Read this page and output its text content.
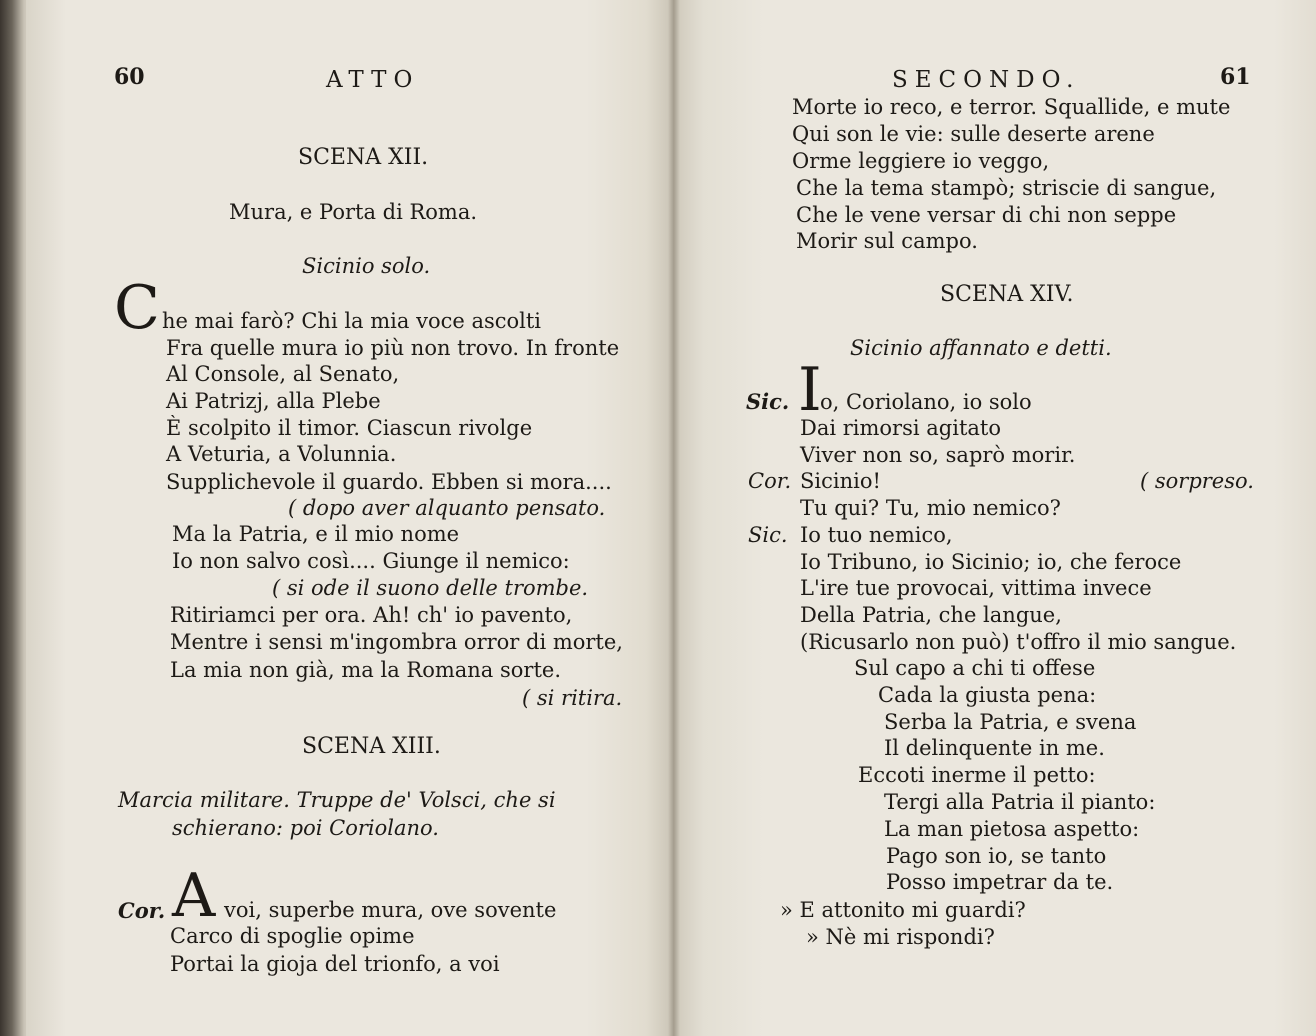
60	ATTO
SCENA XII.
Mura, e Porta di Roma.
Sicinio solo.
C he mai farò? Chi la mia voce ascolti
Fra quelle mura io più non trovo. In fronte
Al Console, al Senato,
Ai Patrizj, alla Plebe
È scolpito il timor. Ciascun rivolge
A Veturia, a Volunnia.
Supplichevole il guardo. Ebben si mora....
( dopo aver alquanto pensato.
Ma la Patria, e il mio nome
Io non salvo così.... Giunge il nemico:
( si ode il suono delle trombe.
Ritiriamci per ora. Ah! ch' io pavento,
Mentre i sensi m'ingombra orror di morte,
La mia non già, ma la Romana sorte.
( si ritira.
SCENA XIII.
Marcia militare. Truppe de' Volsci, che si
schierano: poi Coriolano.
Cor. A voi, superbe mura, ove sovente
Carco di spoglie opime
Portai la gioja del trionfo, a voi
SECONDO.	61
Morte io reco, e terror. Squallide, e mute
Qui son le vie: sulle deserte arene
Orme leggiere io veggo,
Che la tema stampò; striscie di sangue,
Che le vene versar di chi non seppe
Morir sul campo.
SCENA XIV.
Sicinio affannato e detti.
Sic. I
o, Coriolano, io solo
Dai rimorsi agitato
Viver non so, saprò morir.
Cor. Sicinio!	( sorpreso.
Tu qui? Tu, mio nemico?
Sic. Io tuo nemico,
Io Tribuno, io Sicinio; io, che feroce
L'ire tue provocai, vittima invece
Della Patria, che langue,
(Ricusarlo non può) t'offro il mio sangue.
Sul capo a chi ti offese
Cada la giusta pena:
Serba la Patria, e svena
Il delinquente in me.
Eccoti inerme il petto:
Tergi alla Patria il pianto:
La man pietosa aspetto:
Pago son io, se tanto
Posso impetrar da te.
» E attonito mi guardi?
» Nè mi rispondi?
